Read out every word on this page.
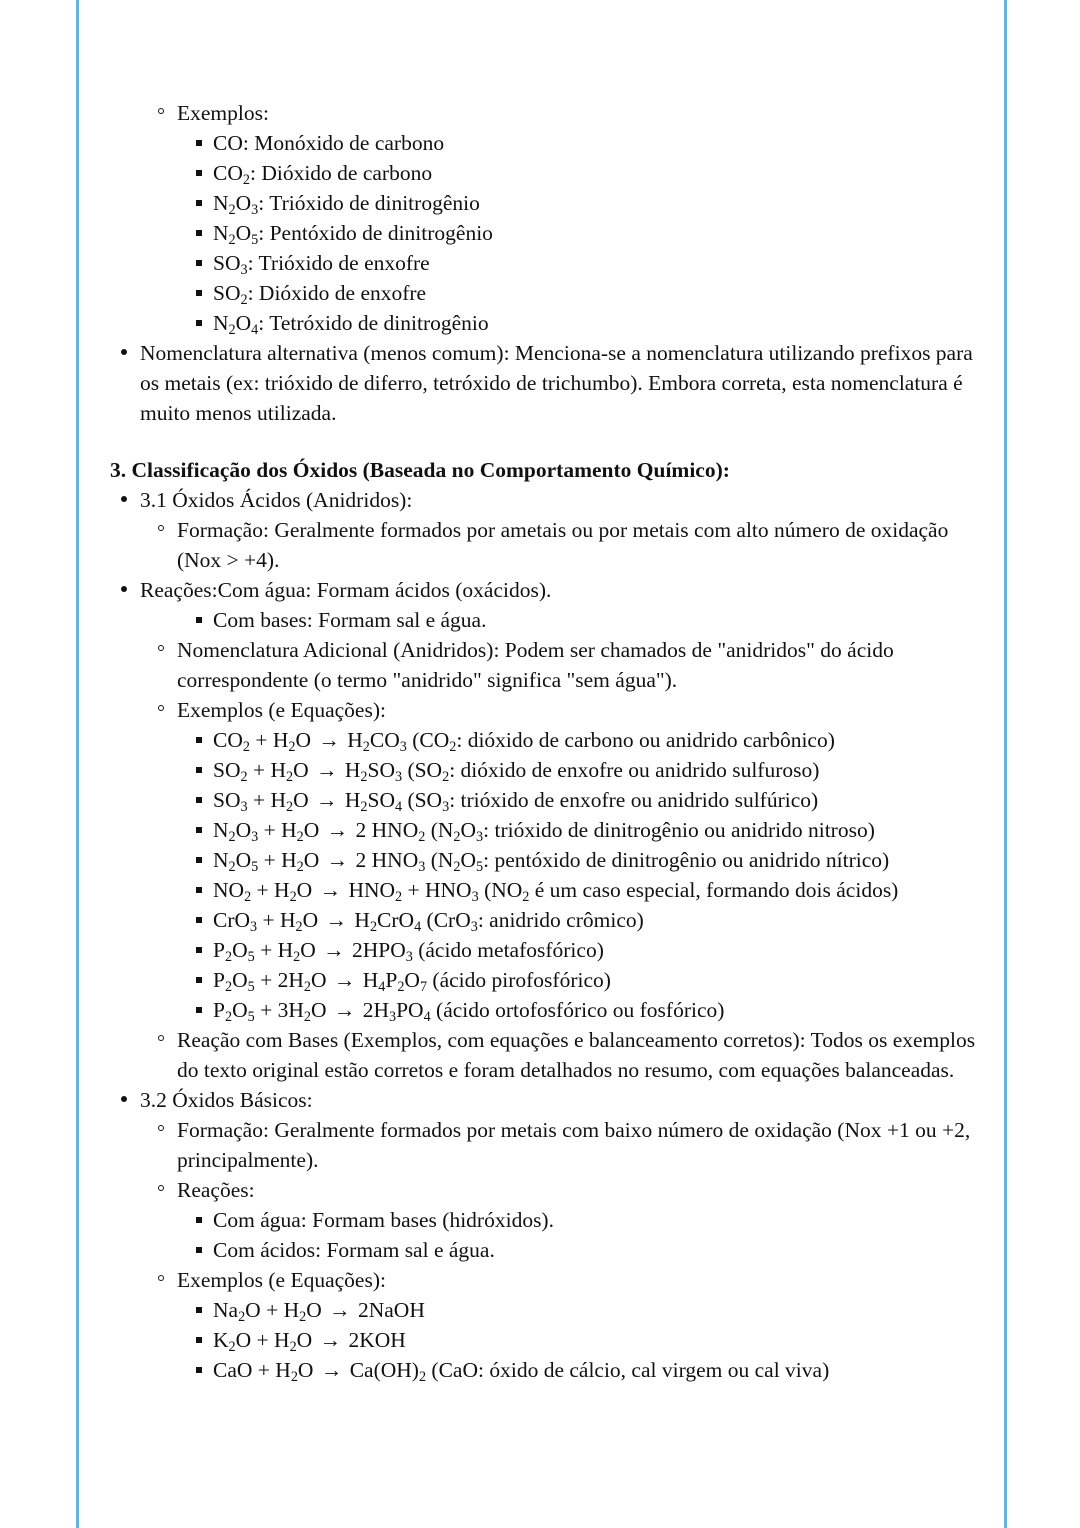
Exemplos:
CO: Monóxido de carbono
$CO_2$: Dióxido de carbono
$N_2O_3$: Trióxido de dinitrogênio
$N_2O_5$: Pentóxido de dinitrogênio
$SO_3$: Trióxido de enxofre
$SO_2$: Dióxido de enxofre
$N_2O_4$: Tetróxido de dinitrogênio
Nomenclatura alternativa (menos comum): Menciona-se a nomenclatura utilizando prefixos para os metais (ex: trióxido de diferro, tetróxido de trichumbo). Embora correta, esta nomenclatura é muito menos utilizada.
3. Classificação dos Óxidos (Baseada no Comportamento Químico):
3.1 Óxidos Ácidos (Anidridos):
Formação: Geralmente formados por ametais ou por metais com alto número de oxidação (Nox > +4).
Reações:Com água: Formam ácidos (oxácidos).
Com bases: Formam sal e água.
Nomenclatura Adicional (Anidridos): Podem ser chamados de "anidridos" do ácido correspondente (o termo "anidrido" significa "sem água").
Exemplos (e Equações):
$CO_2 + H_2O \to H_2CO_3$ ($CO_2$: dióxido de carbono ou anidrido carbônico)
$SO_2 + H_2O \to H_2SO_3$ ($SO_2$: dióxido de enxofre ou anidrido sulfuroso)
$SO_3 + H_2O \to H_2SO_4$ ($SO_3$: trióxido de enxofre ou anidrido sulfúrico)
$N_2O_3 + H_2O \to 2$ $HNO_2$ ($N_2O_3$: trióxido de dinitrogênio ou anidrido nitroso)
$N_2O_5 + H_2O \to 2$ $HNO_3$ ($N_2O_5$: pentóxido de dinitrogênio ou anidrido nítrico)
$NO_2 + H_2O \to HNO_2 + HNO_3$ ($NO_2$ é um caso especial, formando dois ácidos)
$CrO_3 + H_2O \to H_2CrO_4$ (CrO$_3$: anidrido crômico)
$P_2O_5 + H_2O \to 2HPO_3$ (ácido metafosfórico)
$P_2O_5 + 2H_2O \to H_4P_2O_7$ (ácido pirofosfórico)
$P_2O_5 + 3H_2O \to 2H_3PO_4$ (ácido ortofosfórico ou fosfórico)
Reação com Bases (Exemplos, com equações e balanceamento corretos): Todos os exemplos do texto original estão corretos e foram detalhados no resumo, com equações balanceadas.
3.2 Óxidos Básicos:
Formação: Geralmente formados por metais com baixo número de oxidação (Nox +1 ou +2, principalmente).
Reações:
Com água: Formam bases (hidróxidos).
Com ácidos: Formam sal e água.
Exemplos (e Equações):
$Na_2O + H_2O$ → 2NaOH
$K_2O + H_2O \to 2KOH$
CaO + $H_2O \to Ca(OH)_2$ (CaO: óxido de cálcio, cal virgem ou cal viva)
